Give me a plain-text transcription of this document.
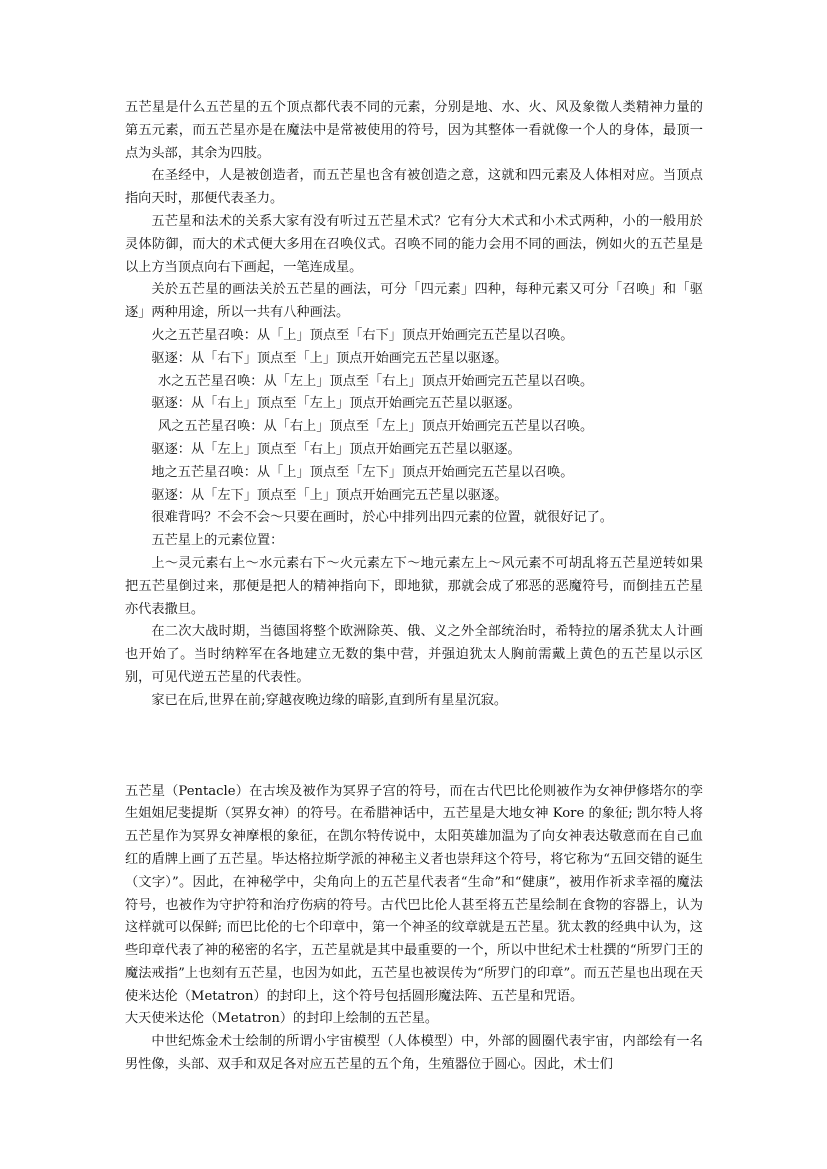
五芒星是什么五芒星的五个顶点都代表不同的元素，分别是地、水、火、风及象徵人类精神力量的第五元素，而五芒星亦是在魔法中是常被使用的符号，因为其整体一看就像一个人的身体，最顶一点为头部，其余为四肢。

在圣经中，人是被创造者，而五芒星也含有被创造之意，这就和四元素及人体相对应。当顶点指向天时，那便代表圣力。

五芒星和法术的关系大家有没有听过五芒星术式？它有分大术式和小术式两种，小的一般用於灵体防御，而大的术式便大多用在召唤仪式。召唤不同的能力会用不同的画法，例如火的五芒星是以上方当顶点向右下画起，一笔连成星。

关於五芒星的画法关於五芒星的画法，可分「四元素」四种，每种元素又可分「召唤」和「驱逐」两种用途，所以一共有八种画法。

火之五芒星召唤：从「上」顶点至「右下」顶点开始画完五芒星以召唤。

驱逐：从「右下」顶点至「上」顶点开始画完五芒星以驱逐。

水之五芒星召唤：从「左上」顶点至「右上」顶点开始画完五芒星以召唤。

驱逐：从「右上」顶点至「左上」顶点开始画完五芒星以驱逐。

风之五芒星召唤：从「右上」顶点至「左上」顶点开始画完五芒星以召唤。

驱逐：从「左上」顶点至「右上」顶点开始画完五芒星以驱逐。

地之五芒星召唤：从「上」顶点至「左下」顶点开始画完五芒星以召唤。

驱逐：从「左下」顶点至「上」顶点开始画完五芒星以驱逐。

很难背吗？不会不会～只要在画时，於心中排列出四元素的位置，就很好记了。

五芒星上的元素位置：

上～灵元素右上～水元素右下～火元素左下～地元素左上～风元素不可胡乱将五芒星逆转如果把五芒星倒过来，那便是把人的精神指向下，即地狱，那就会成了邪恶的恶魔符号，而倒挂五芒星亦代表撒旦。

在二次大战时期，当德国将整个欧洲除英、俄、义之外全部统治时，希特拉的屠杀犹太人计画也开始了。当时纳粹军在各地建立无数的集中营，并强迫犹太人胸前需戴上黄色的五芒星以示区别，可见代逆五芒星的代表性。

家已在后,世界在前;穿越夜晚边缘的暗影,直到所有星星沉寂。

五芒星（Pentacle）在古埃及被作为冥界子宫的符号，而在古代巴比伦则被作为女神伊修塔尔的孪生姐姐尼斐提斯（冥界女神）的符号。在希腊神话中，五芒星是大地女神 Kore 的象征; 凯尔特人将五芒星作为冥界女神摩根的象征，在凯尔特传说中，太阳英雄加温为了向女神表达敬意而在自己血红的盾牌上画了五芒星。毕达格拉斯学派的神秘主义者也崇拜这个符号，将它称为“五回交错的诞生（文字）”。因此，在神秘学中，尖角向上的五芒星代表者“生命”和“健康”，被用作祈求幸福的魔法符号，也被作为守护符和治疗伤病的符号。古代巴比伦人甚至将五芒星绘制在食物的容器上，认为这样就可以保鲜; 而巴比伦的七个印章中，第一个神圣的纹章就是五芒星。犹太教的经典中认为，这些印章代表了神的秘密的名字，五芒星就是其中最重要的一个，所以中世纪术士杜撰的“所罗门王的魔法戒指”上也刻有五芒星，也因为如此，五芒星也被误传为“所罗门的印章”。而五芒星也出现在天使米达伦（Metatron）的封印上，这个符号包括圆形魔法阵、五芒星和咒语。

大天使米达伦（Metatron）的封印上绘制的五芒星。

中世纪炼金术士绘制的所谓小宇宙模型（人体模型）中，外部的圆圈代表宇宙，内部绘有一名男性像，头部、双手和双足各对应五芒星的五个角，生殖器位于圆心。因此，术士们
